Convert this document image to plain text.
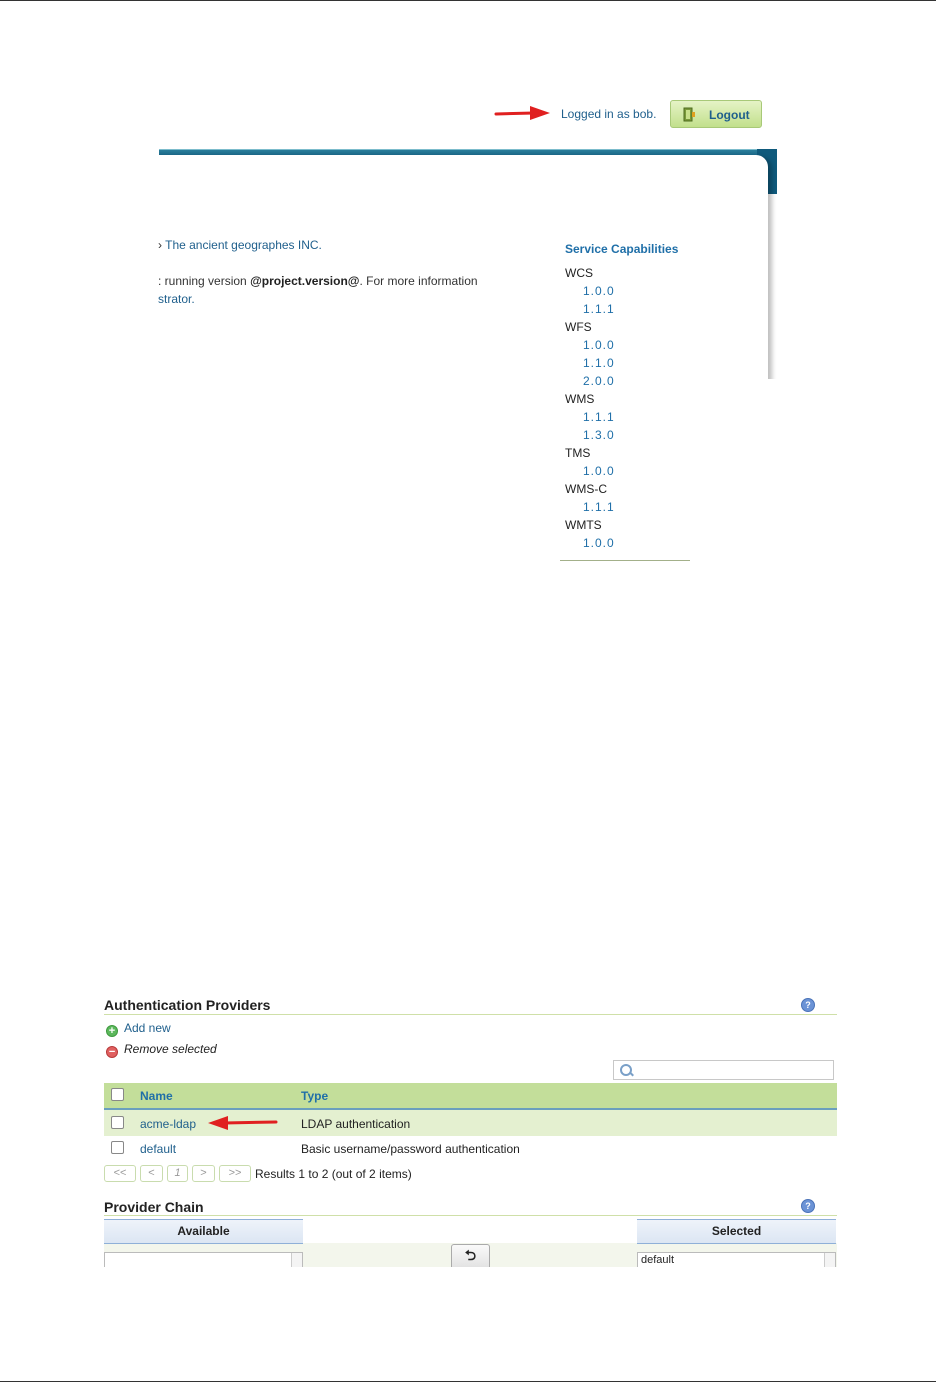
Logged in as bob.	Logout
› The ancient geographes INC.
: running version @project.version@. For more information
strator.
Service Capabilities
WCS
1.0.0
1.1.1
WFS
1.0.0
1.1.0
2.0.0
WMS
1.1.1
1.3.0
TMS
1.0.0
WMS-C
1.1.1
WMTS
1.0.0
Authentication Providers	?
+ Add new
− Remove selected
Name	Type
acme-ldap	LDAP authentication
default	Basic username/password authentication
<<	<	1	>	>>	Results 1 to 2 (out of 2 items)
Provider Chain	?
Available	Selected
⮌	default
